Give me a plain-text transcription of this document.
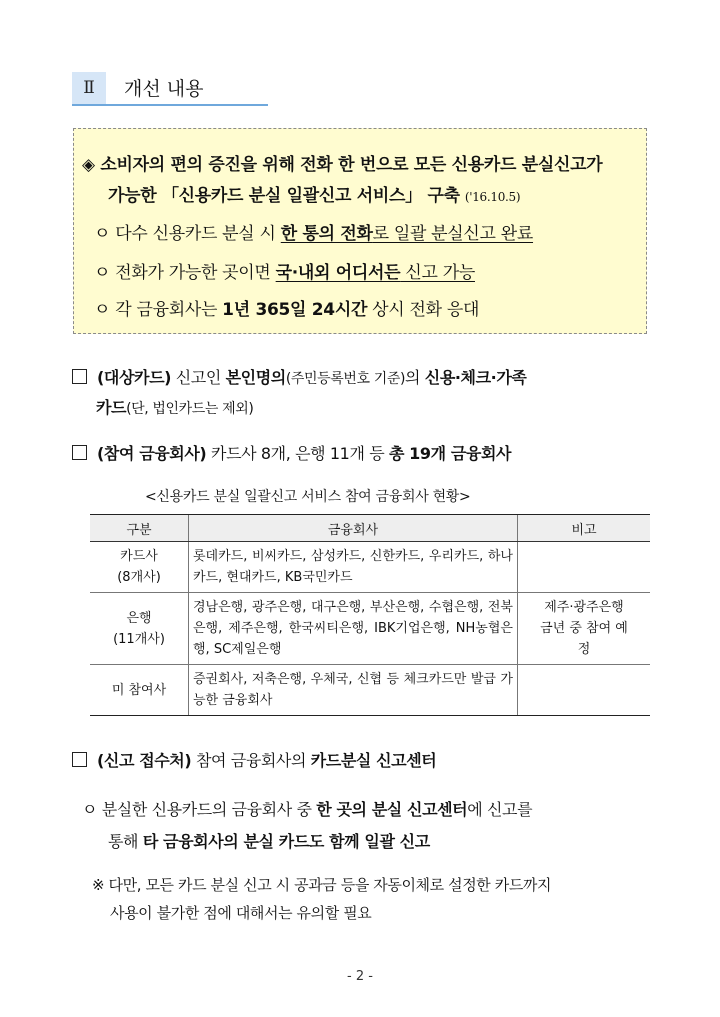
Ⅱ	개선 내용
◈ 소비자의 편의 증진을 위해 전화 한 번으로 모든 신용카드 분실신고가
가능한 「신용카드 분실 일괄신고 서비스」 구축 ('16.10.5)
ㅇ 다수 신용카드 분실 시 한 통의 전화로 일괄 분실신고 완료
ㅇ 전화가 가능한 곳이면 국·내외 어디서든 신고 가능
ㅇ 각 금융회사는 1년 365일 24시간 상시 전화 응대
(대상카드) 신고인 본인명의(주민등록번호 기준)의 신용·체크·가족
카드(단, 법인카드는 제외)
(참여 금융회사) 카드사 8개, 은행 11개 등 총 19개 금융회사
<신용카드 분실 일괄신고 서비스 참여 금융회사 현황>
구분	금융회사	비고

카드사
(8개사)	롯데카드, 비씨카드, 삼성카드, 신한카드, 우리카드, 하나카드, 현대카드, KB국민카드	

은행
(11개사)	경남은행, 광주은행, 대구은행, 부산은행, 수협은행, 전북은행, 제주은행, 한국씨티은행, IBK기업은행, NH농협은행, SC제일은행	제주·광주은행 금년 중 참여 예정

미 참여사	증권회사, 저축은행, 우체국, 신협 등 체크카드만 발급 가능한 금융회사	
(신고 접수처) 참여 금융회사의 카드분실 신고센터
ㅇ 분실한 신용카드의 금융회사 중 한 곳의 분실 신고센터에 신고를
통해 타 금융회사의 분실 카드도 함께 일괄 신고
※ 다만, 모든 카드 분실 신고 시 공과금 등을 자동이체로 설정한 카드까지
사용이 불가한 점에 대해서는 유의할 필요
- 2 -
